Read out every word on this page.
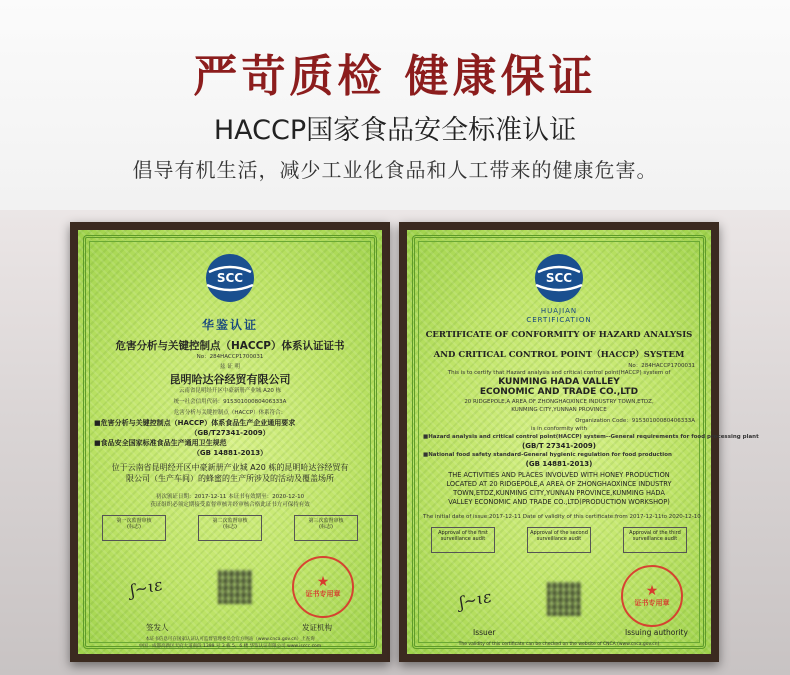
严苛质检 健康保证
HACCP国家食品安全标准认证
倡导有机生活，减少工业化食品和人工带来的健康危害。
SCC
华鉴认证
危害分析与关键控制点（HACCP）体系认证证书
No：284HACCP1700031
兹 证 明
昆明哈达谷经贸有限公司
云南省昆明经开区中豪新册产业城 A20 栋
统一社会信用代码：91530100080406333A
危害分析与关键控制点（HACCP）体系符合：
■危害分析与关键控制点（HACCP）体系食品生产企业通用要求
（GB/T27341-2009）
■食品安全国家标准食品生产通用卫生规范
（GB 14881-2013）
位于云南省昆明经开区中豪新册产业城 A20 栋的昆明哈达谷经贸有
限公司（生产车间）的蜂蜜的生产所涉及的活动及覆盖场所
初次颁证日期：2017-12-11 本证书有效期至：2020-12-10
获证组织必须定期接受监督审核并经审核合格此证书方可保持有效
第一次监督审核
(标志)
第二次监督审核
(标志)
第三次监督审核
(标志)
ʃ~ɩɛ	★
证书专用章
签发人	发证机构
本证书信息可在国家认证认可监督管理委员会官方网站（www.cnca.gov.cn）上查询
中国 · 成都高新区天府大道南段 1399 号 3 栋 5、6 楼 华鉴认证有限公司 www.isccc.com
SCC
HUAJIAN
CERTIFICATION
CERTIFICATE OF CONFORMITY OF HAZARD ANALYSIS
AND CRITICAL CONTROL POINT（HACCP）SYSTEM
No：284HACCP1700031
This is to certify that Hazard analysis and critical control point(HACCP) system of
KUNMING HADA VALLEY
ECONOMIC AND TRADE CO.,LTD
20 RIDGEPOLE,A AREA OF ZHONGHAOXINCE INDUSTRY TOWN,ETDZ,
KUNMING CITY,YUNNAN PROVINCE
Organization Code：91530100080406333A
is in conformity with
■Hazard analysis and critical control point(HACCP) system--General requirements for food processing plant
(GB/T 27341-2009)
■National food safety standard-General hygienic regulation for food production
(GB 14881-2013)
THE ACTIVITIES AND PLACES INVOLVED WITH HONEY PRODUCTION
LOCATED AT 20 RIDGEPOLE,A AREA OF ZHONGHAOXINCE INDUSTRY
TOWN,ETDZ,KUNMING CITY,YUNNAN PROVINCE,KUNMING HADA
VALLEY ECONOMIC AND TRADE CO.,LTD(PRODUCTION WORKSHOP)
The initial date of issue:2017-12-11 Date of validity of this certificate:from 2017-12-11to 2020-12-10
Approval of the first surveillance audit
Approval of the second surveillance audit
Approval of the third surveillance audit
ʃ~ɩɛ	★
证书专用章
Issuer	Issuing authority
The validity of this certificate can be checked on the website of CNCA (www.cnca.gov.cn)
